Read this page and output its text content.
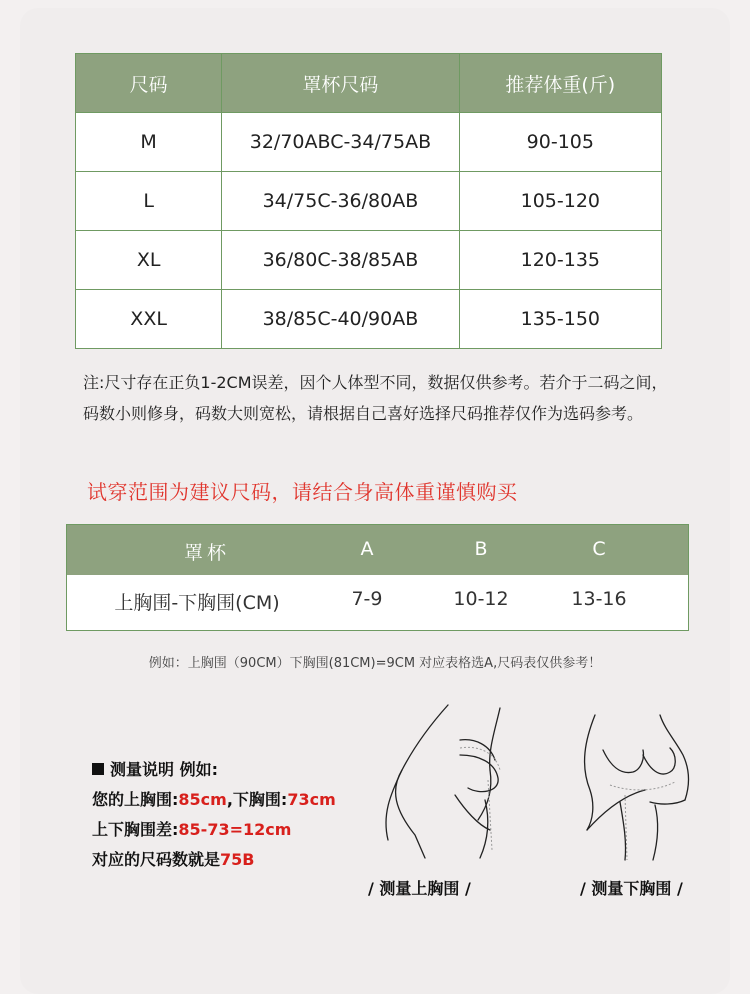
尺码	罩杯尺码	推荐体重(斤)
M	32/70ABC-34/75AB	90-105
L	34/75C-36/80AB	105-120
XL	36/80C-38/85AB	120-135
XXL	38/85C-40/90AB	135-150
注:尺寸存在正负1-2CM误差，因个人体型不同，数据仅供参考。若介于二码之间，码数小则修身，码数大则宽松，请根据自己喜好选择尺码推荐仅作为选码参考。
试穿范围为建议尺码，请结合身高体重谨慎购买
罩杯	A	B	C
上胸围-下胸围(CM)	7-9	10-12	13-16
例如：上胸围（90CM）下胸围(81CM)=9CM 对应表格选A,尺码表仅供参考！
测量说明 例如:
您的上胸围:85cm,下胸围:73cm
上下胸围差:85-73=12cm
对应的尺码数就是75B
/ 测量上胸围 /	/ 测量下胸围 /
